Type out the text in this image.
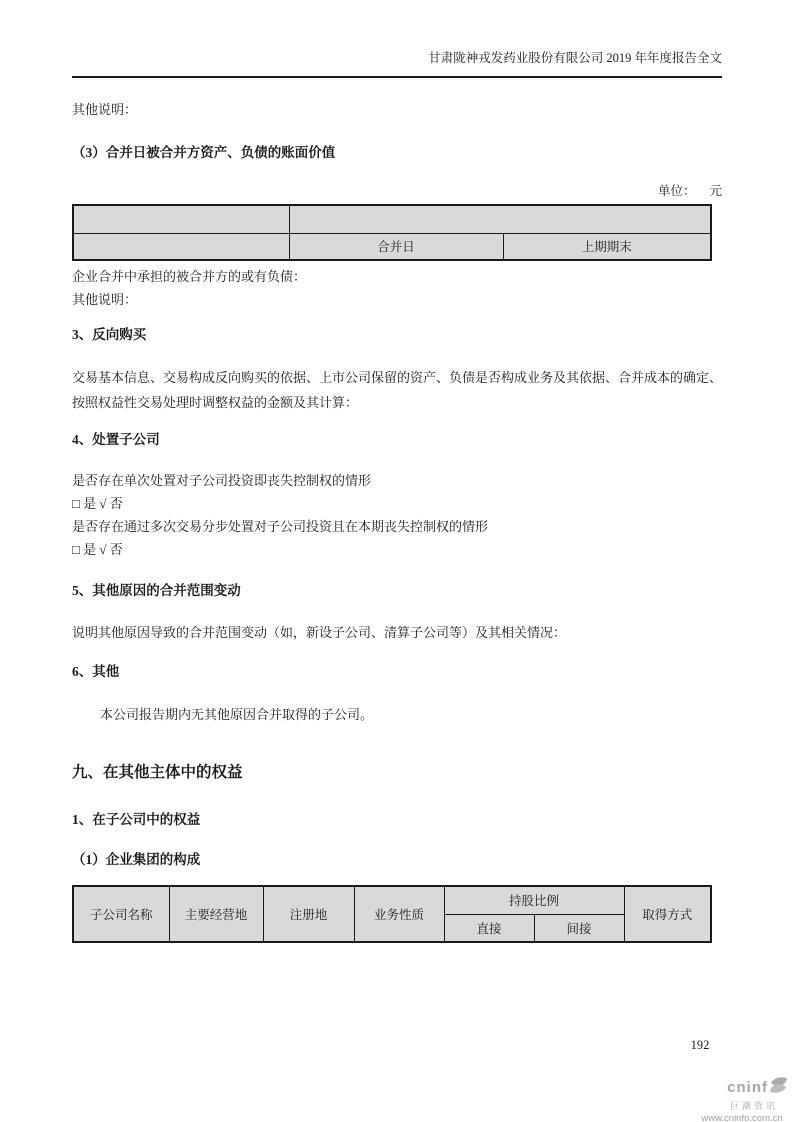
甘肃陇神戎发药业股份有限公司 2019 年年度报告全文

其他说明：

（3）合并日被合并方资产、负债的账面价值
单位： 元

	合并日	上期期末

企业合并中承担的被合并方的或有负债：

其他说明：

3、反向购买

交易基本信息、交易构成反向购买的依据、上市公司保留的资产、负债是否构成业务及其依据、合并成本的确定、按照权益性交易处理时调整权益的金额及其计算：

4、处置子公司

是否存在单次处置对子公司投资即丧失控制权的情形

□ 是 √ 否

是否存在通过多次交易分步处置对子公司投资且在本期丧失控制权的情形

□ 是 √ 否

5、其他原因的合并范围变动

说明其他原因导致的合并范围变动（如，新设子公司、清算子公司等）及其相关情况：

6、其他

本公司报告期内无其他原因合并取得的子公司。

九、在其他主体中的权益
1、在子公司中的权益
（1）企业集团的构成
子公司名称	主要经营地	注册地	业务性质	持股比例		取得方式
				直接	间接	
192
cninf
巨潮资讯
www.cninfo.com.cn
